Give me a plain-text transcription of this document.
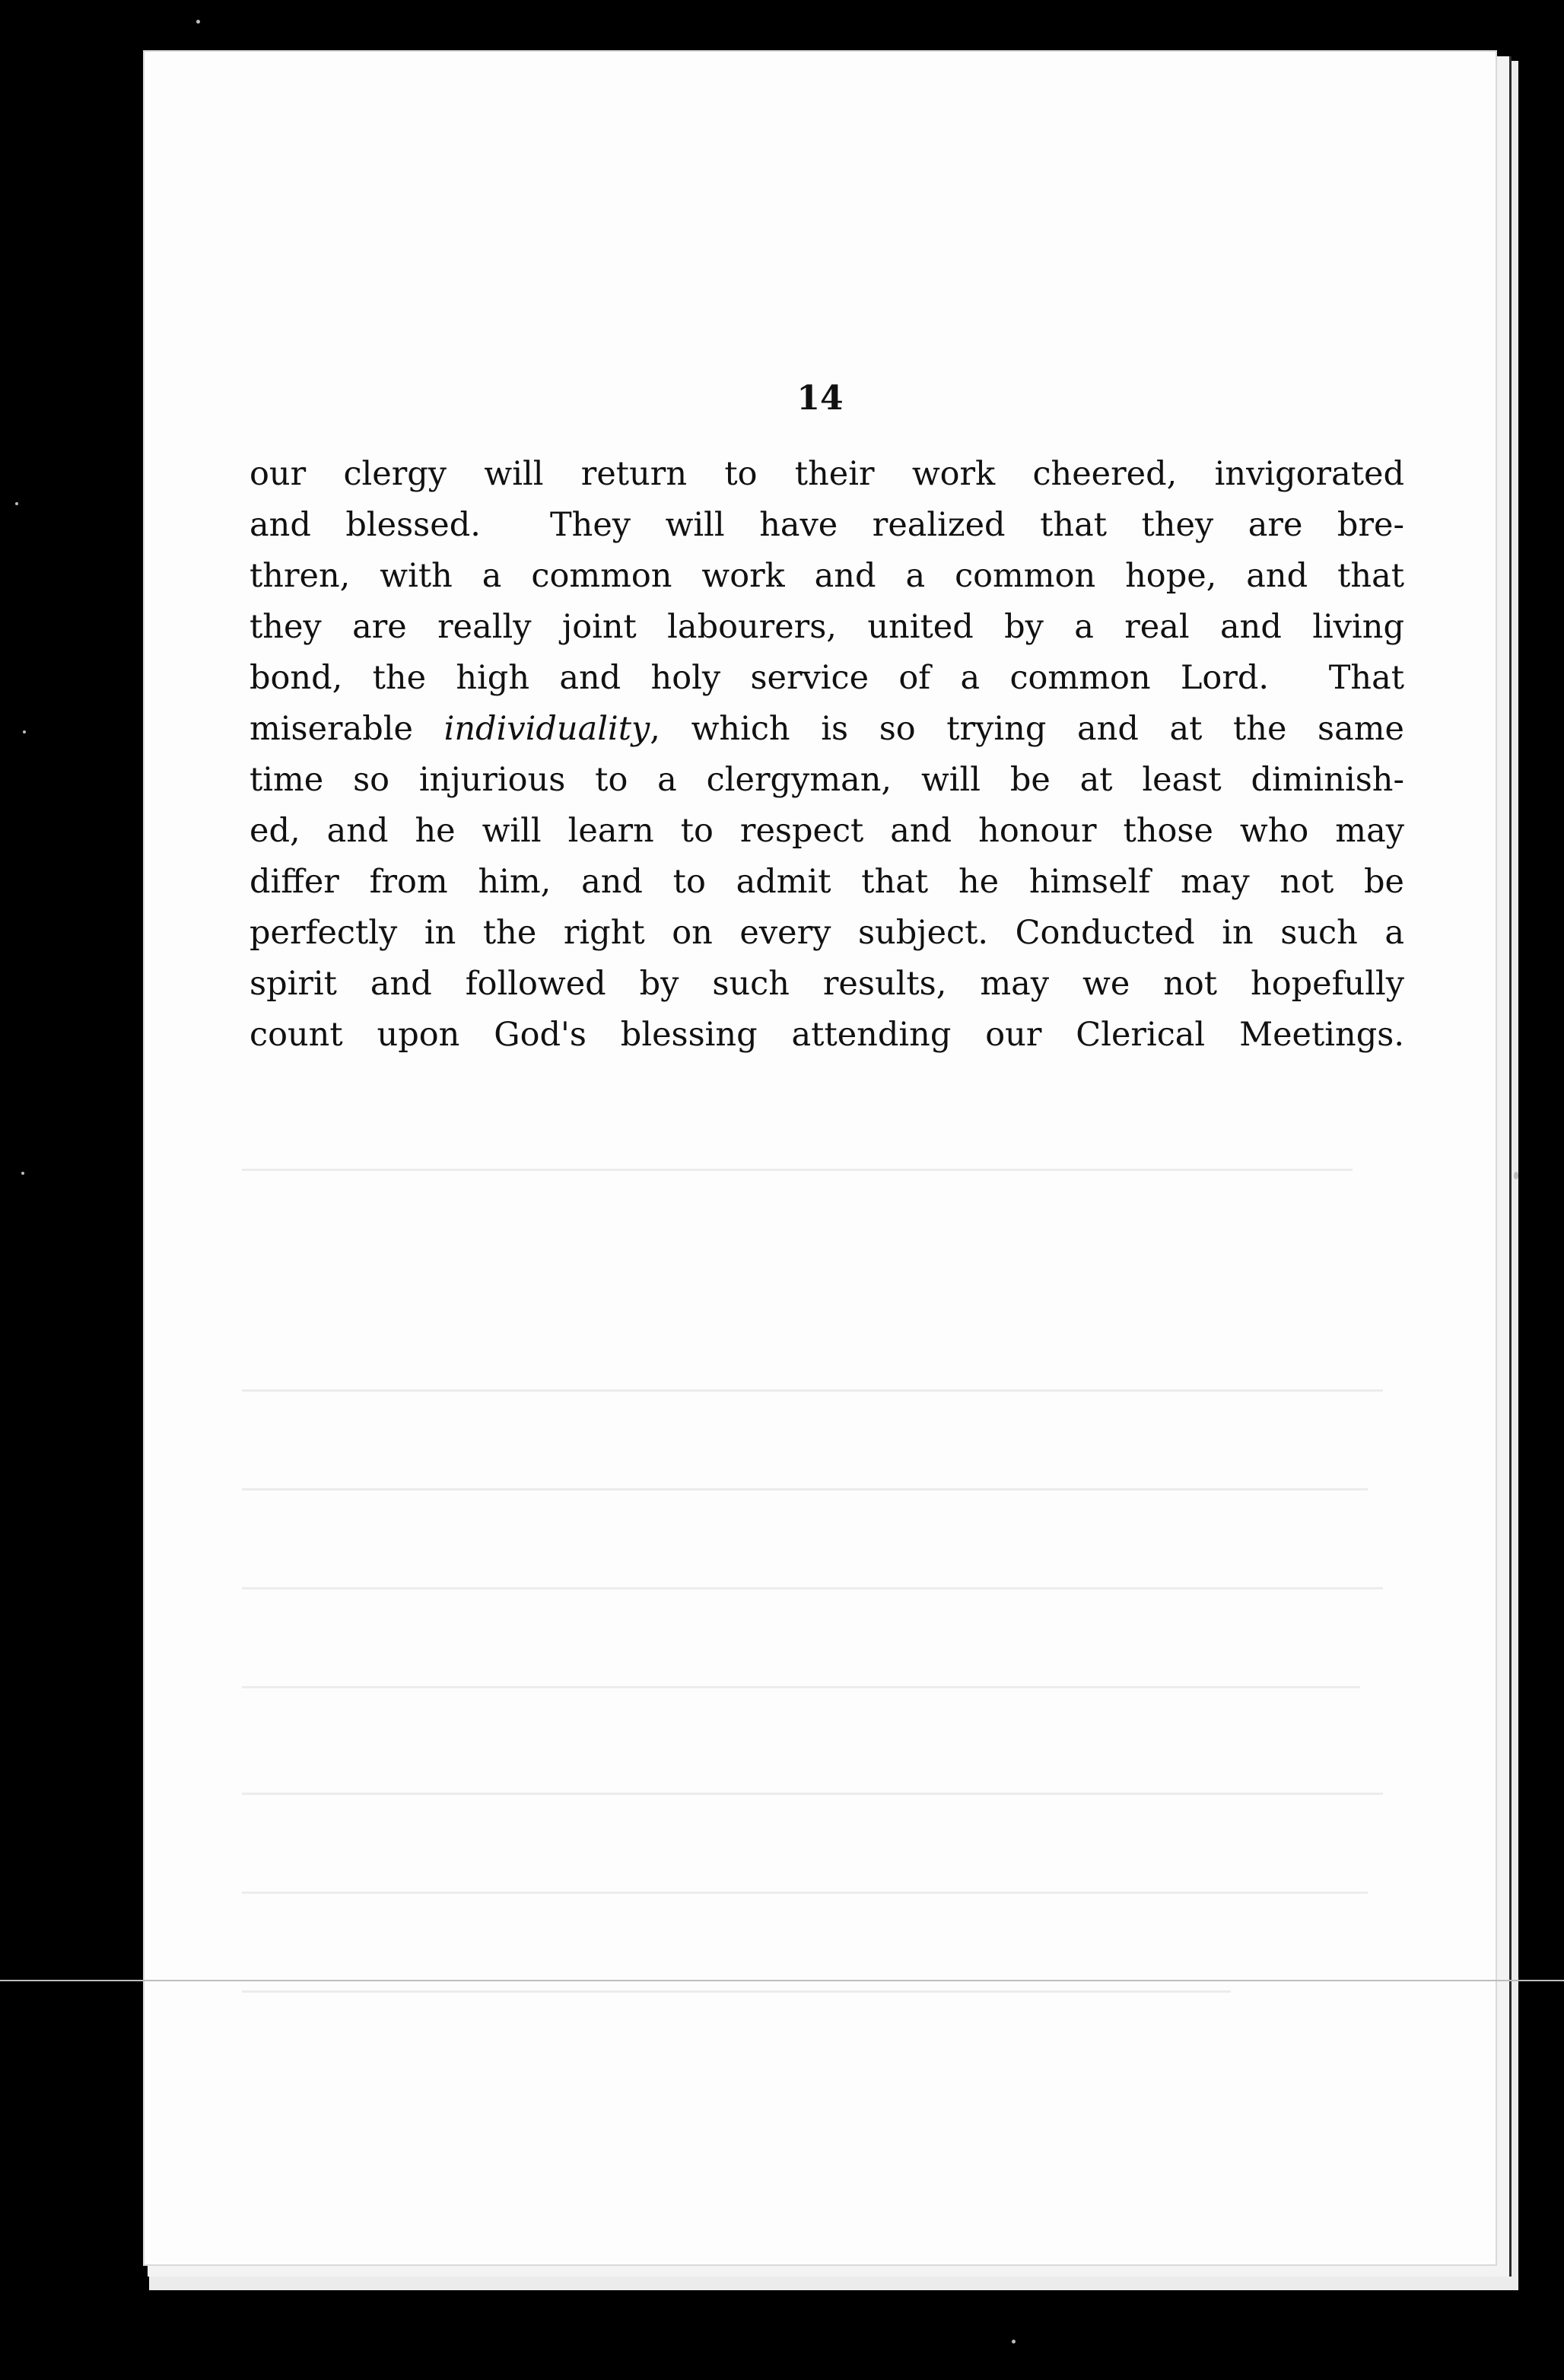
14
our clergy will return to their work cheered, invigorated
and blessed.  They will have realized that they are bre-
thren, with a common work and a common hope, and that
they are really joint labourers, united by a real and living
bond, the high and holy service of a common Lord.  That
miserable individuality, which is so trying and at the same
time so injurious to a clergyman, will be at least diminish-
ed, and he will learn to respect and honour those who may
differ from him, and to admit that he himself may not be
perfectly in the right on every subject. Conducted in such a
spirit and followed by such results, may we not hopefully
count upon God's blessing attending our Clerical Meetings.
